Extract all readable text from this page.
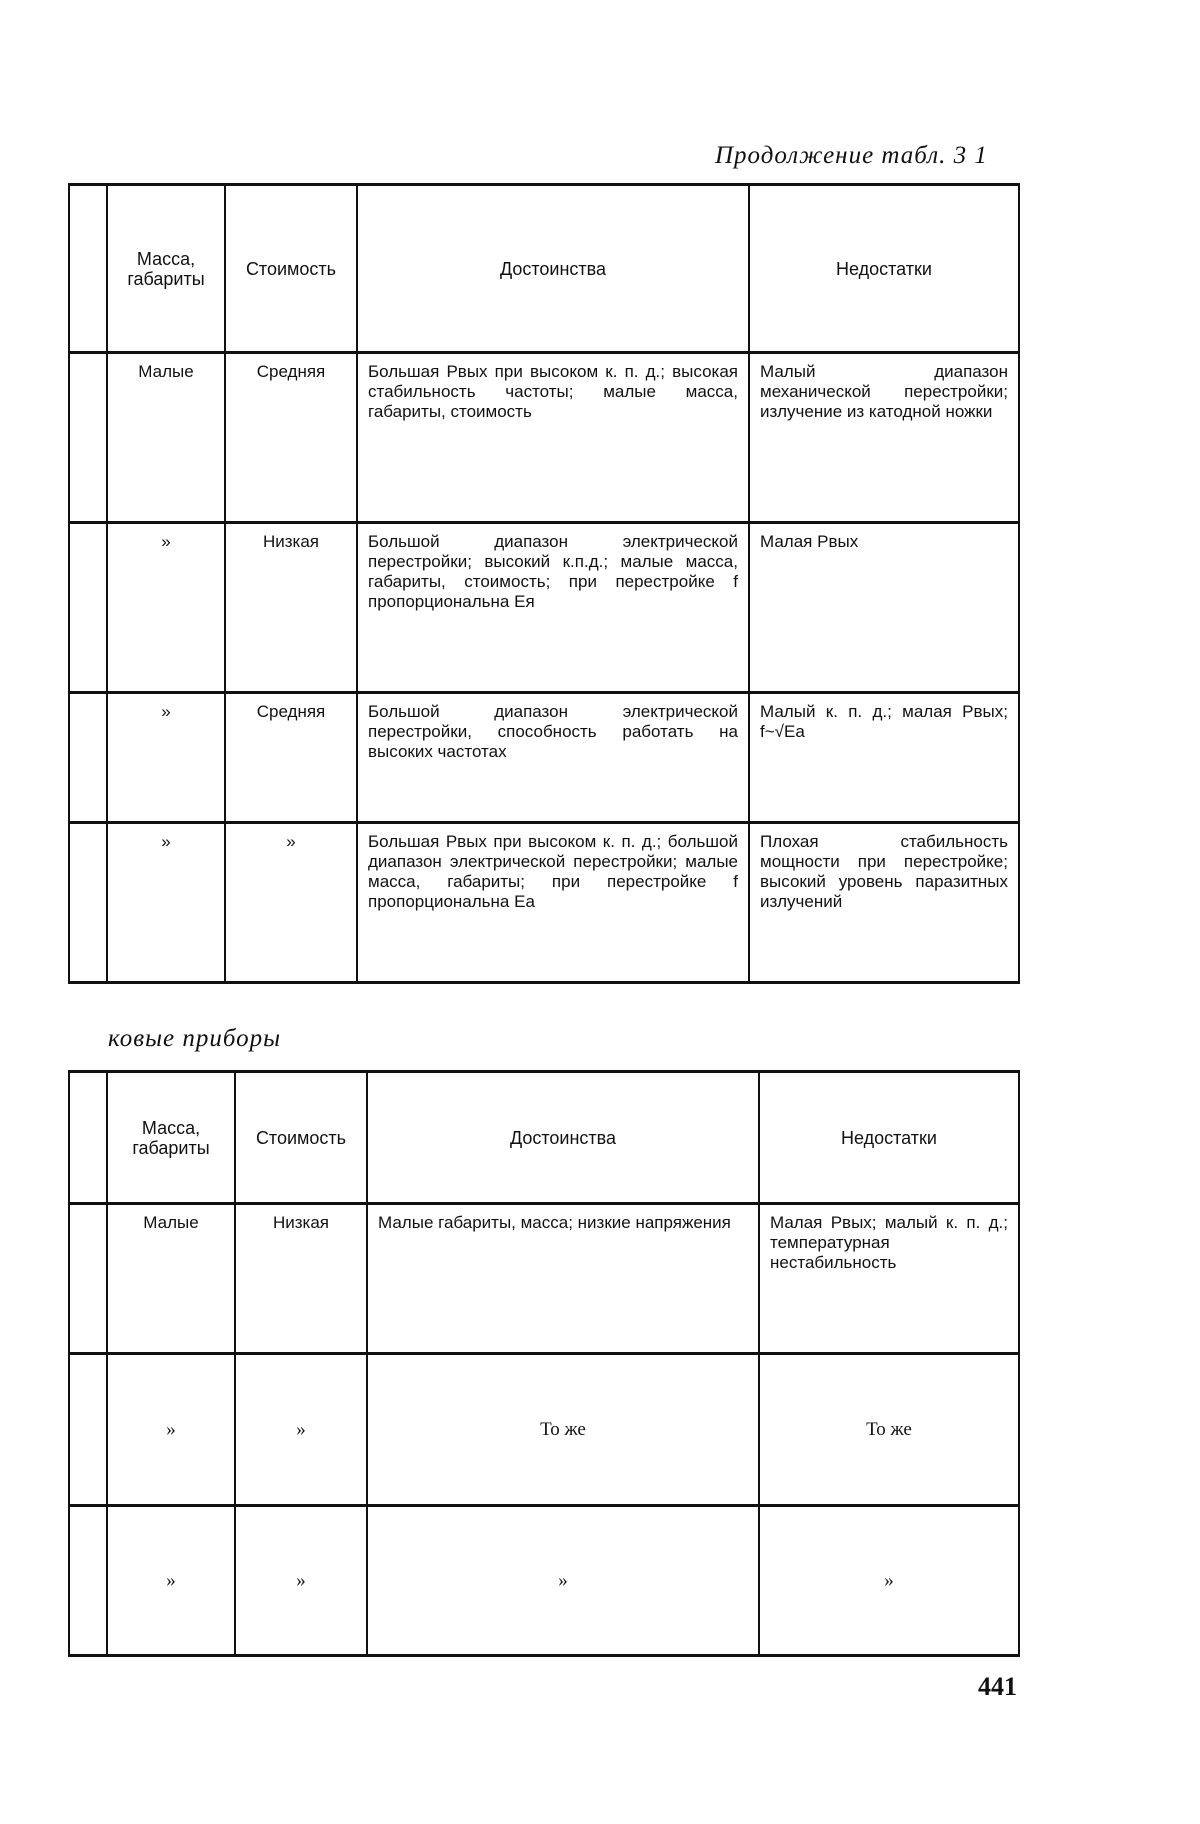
Продолжение табл. 3 1
	Масса, габариты	Стоимость	Достоинства	Недостатки
	Малые	Средняя	Большая Pвых при высоком к. п. д.; высокая стабильность частоты; малые масса, габариты, стоимость	Малый диапазон механической перестройки; излучение из катодной ножки
	»	Низкая	Большой диапазон электрической перестройки; высокий к.п.д.; малые масса, габариты, стоимость; при перестройке f пропорциональна Eя	Малая Pвых
	»	Средняя	Большой диапазон электрической перестройки, способность работать на высоких частотах	Малый к. п. д.; малая Pвых; f~√Eа
	»	»	Большая Pвых при высоком к. п. д.; большой диапазон электрической перестройки; малые масса, габариты; при перестройке f пропорциональна Eа	Плохая стабильность мощности при перестройке; высокий уровень паразитных излучений
ковые приборы
	Масса, габариты	Стоимость	Достоинства	Недостатки
	Малые	Низкая	Малые габариты, масса; низкие напряжения	Малая Pвых; малый к. п. д.; температурная нестабильность
	»	»	То же	То же
	»	»	»	»
441
